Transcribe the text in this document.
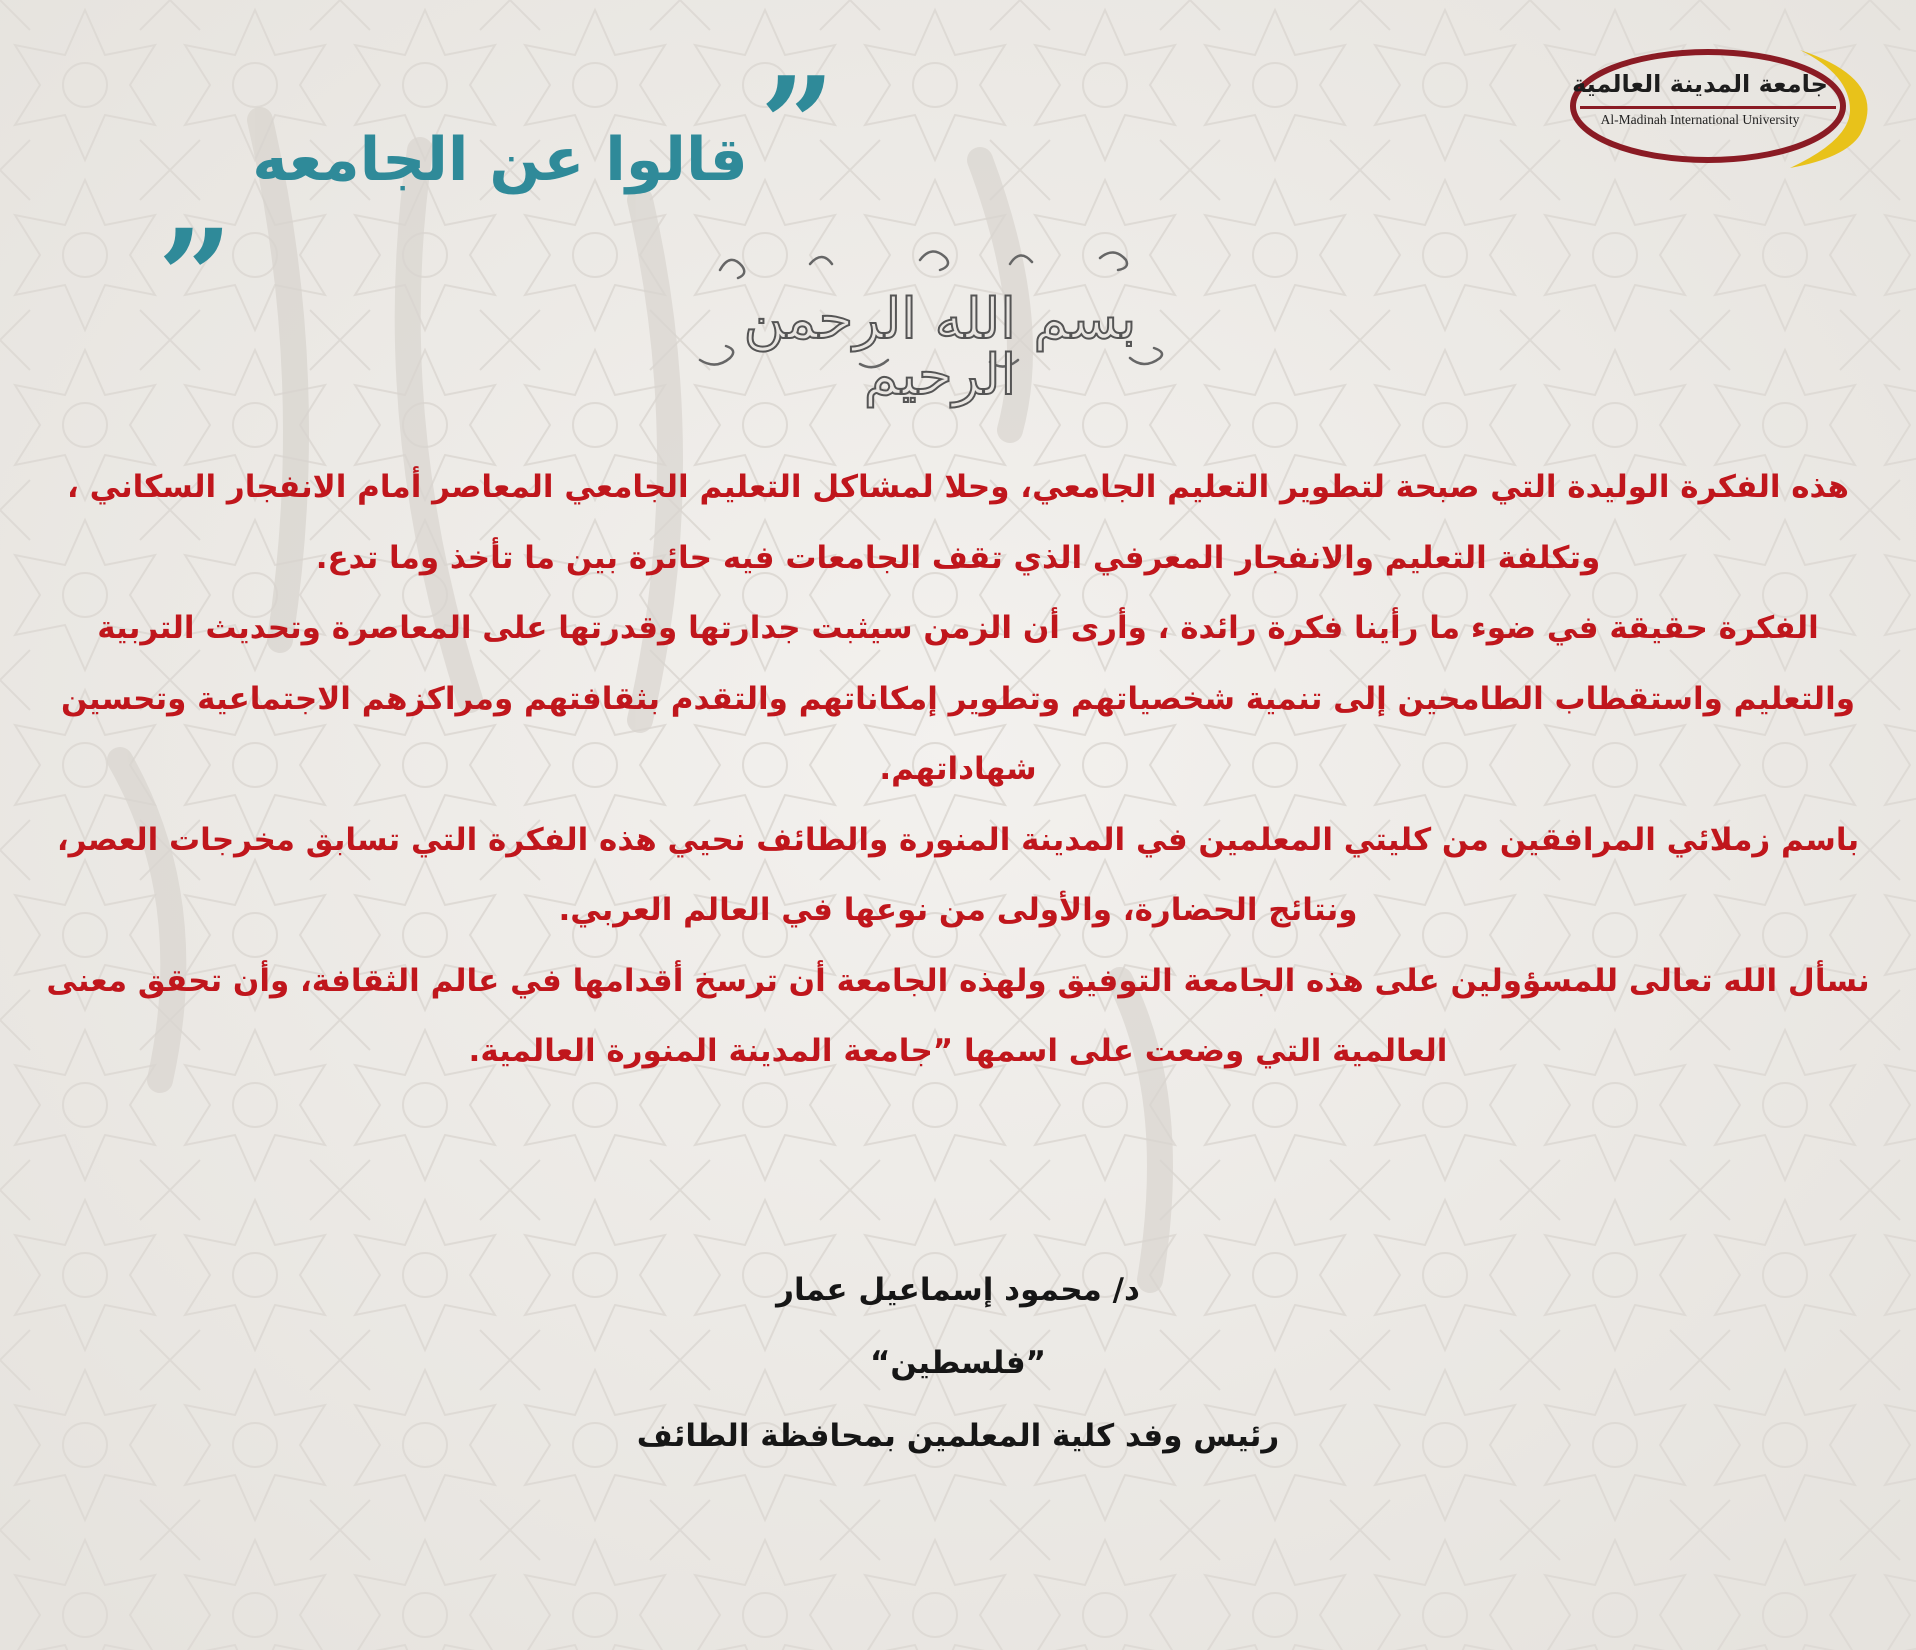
جامعة المدينة العالمية
Al-Madinah International University
”
قالوا عن الجامعه
„
بسم الله الرحمن الرحيم
هذه الفكرة الوليدة التي صبحة لتطوير التعليم الجامعي، وحلا لمشاكل التعليم الجامعي المعاصر أمام الانفجار السكاني ، وتكلفة التعليم والانفجار المعرفي الذي تقف الجامعات فيه حائرة بين ما تأخذ وما تدع.
الفكرة حقيقة في ضوء ما رأينا فكرة رائدة ، وأرى أن الزمن سيثبت جدارتها وقدرتها على المعاصرة وتحديث التربية والتعليم واستقطاب الطامحين إلى تنمية شخصياتهم وتطوير إمكاناتهم والتقدم بثقافتهم ومراكزهم الاجتماعية وتحسين شهاداتهم.
باسم زملائي المرافقين من كليتي المعلمين في المدينة المنورة والطائف نحيي هذه الفكرة التي تسابق مخرجات العصر، ونتائج الحضارة، والأولى من نوعها في العالم العربي.
نسأل الله تعالى للمسؤولين على هذه الجامعة التوفيق ولهذه الجامعة أن ترسخ أقدامها في عالم الثقافة، وأن تحقق معنى العالمية التي وضعت على اسمها ”جامعة المدينة المنورة العالمية.
د/ محمود إسماعيل عمار
”فلسطين“
رئيس وفد كلية المعلمين بمحافظة الطائف
